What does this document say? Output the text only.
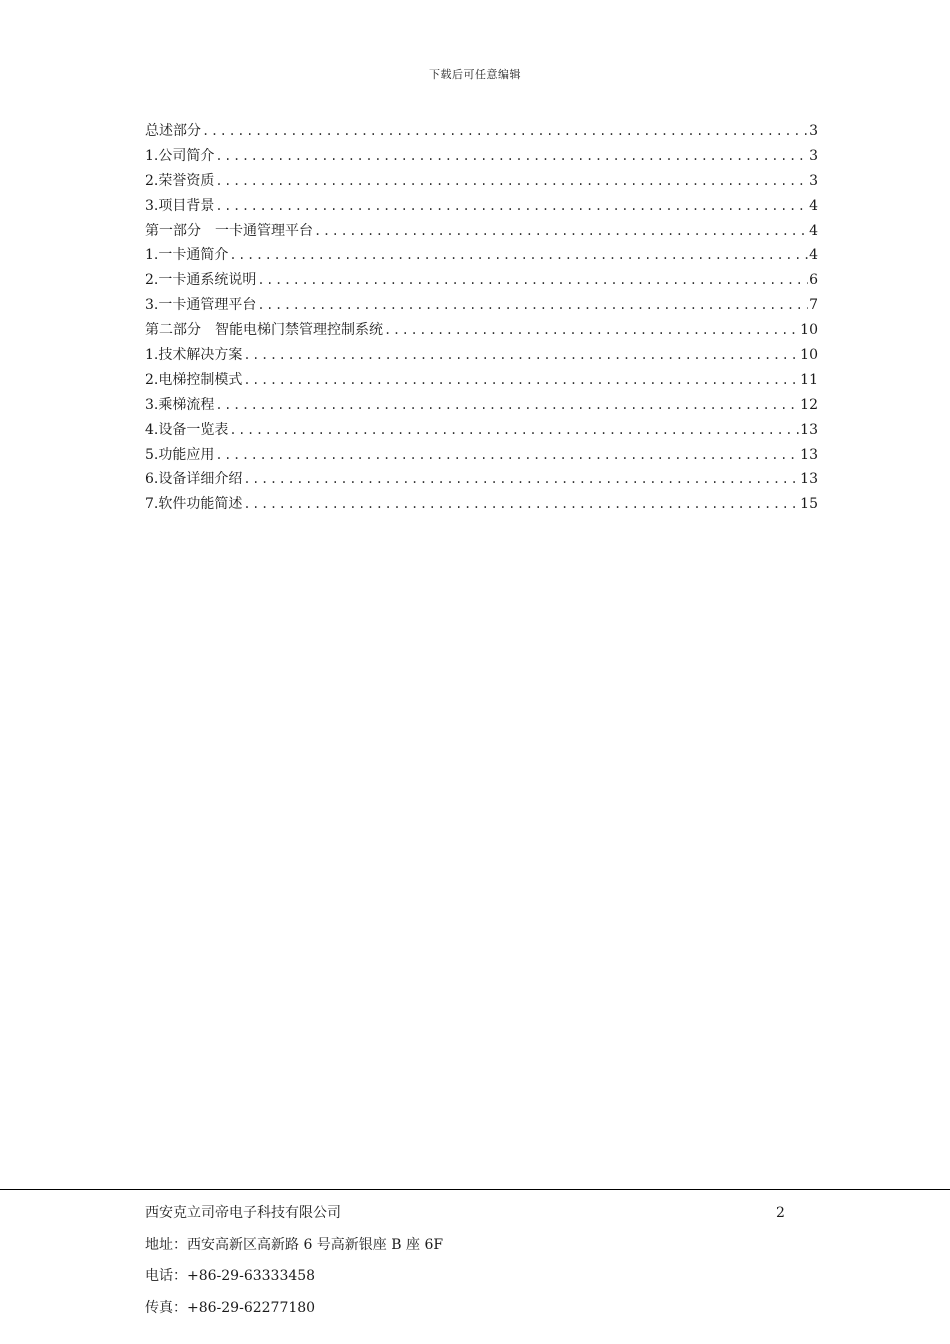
下载后可任意编辑
总述部分 .....	3
1.公司简介 .....	3
2.荣誉资质 .....	3
3.项目背景 .....	4
第一部分　一卡通管理平台 .....	4
1.一卡通简介 .....	4
2.一卡通系统说明 .....	6
3.一卡通管理平台 .....	7
第二部分　智能电梯门禁管理控制系统 .....	10
1.技术解决方案 .....	10
2.电梯控制模式 .....	11
3.乘梯流程 .....	12
4.设备一览表 .....	13
5.功能应用 .....	13
6.设备详细介绍 .....	13
7.软件功能简述 .....	15
西安克立司帝电子科技有限公司
地址：西安高新区高新路 6 号高新银座 B 座 6F
电话：+86-29-63333458
传真：+86-29-62277180
2
